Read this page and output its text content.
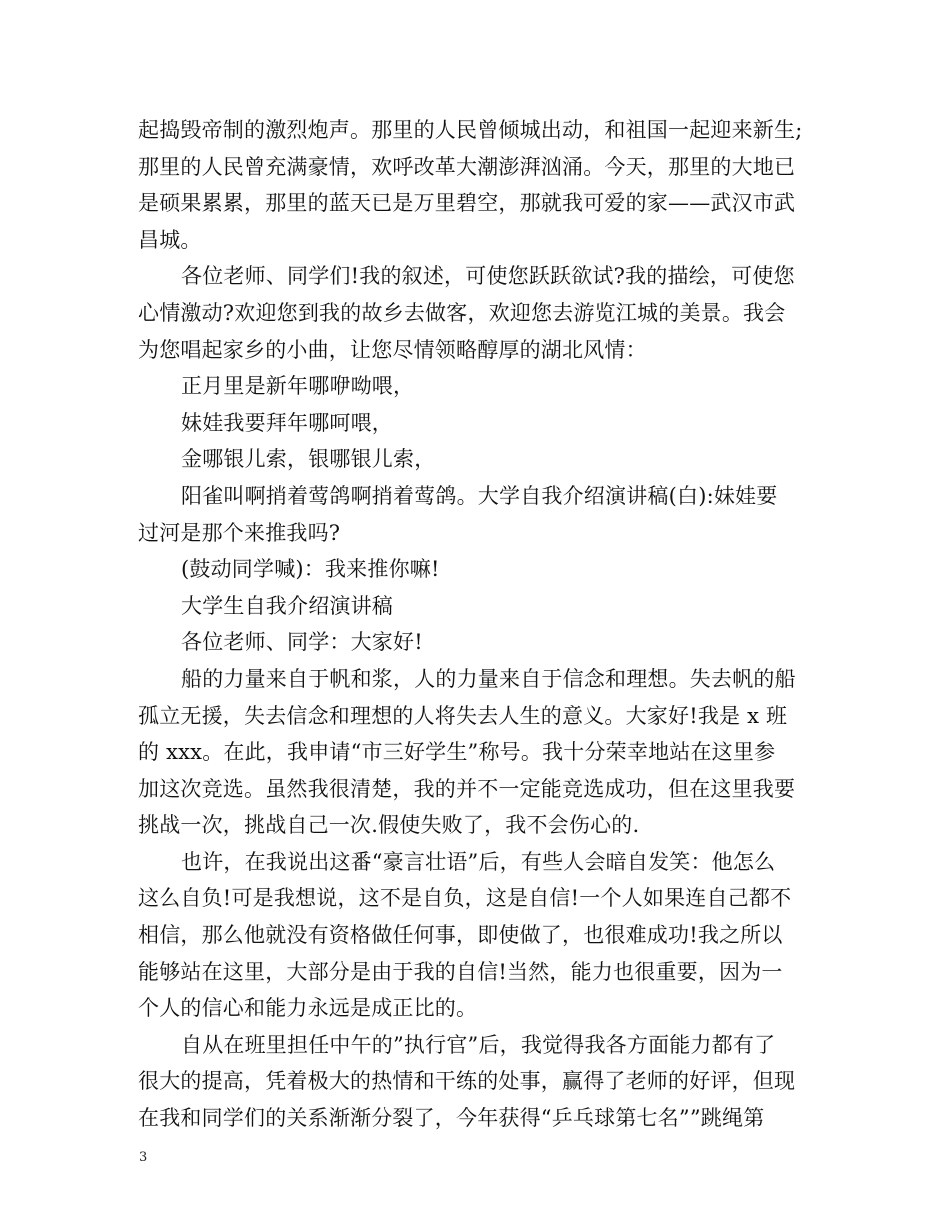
起捣毁帝制的激烈炮声。那里的人民曾倾城出动，和祖国一起迎来新生;
那里的人民曾充满豪情，欢呼改革大潮澎湃汹涌。今天，那里的大地已
是硕果累累，那里的蓝天已是万里碧空，那就我可爱的家——武汉市武
昌城。

各位老师、同学们!我的叙述，可使您跃跃欲试?我的描绘，可使您
心情激动?欢迎您到我的故乡去做客，欢迎您去游览江城的美景。我会
为您唱起家乡的小曲，让您尽情领略醇厚的湖北风情：

正月里是新年哪咿呦喂，

妹娃我要拜年哪呵喂，

金哪银儿索，银哪银儿索，

阳雀叫啊捎着莺鸽啊捎着莺鸽。大学自我介绍演讲稿(白):妹娃要
过河是那个来推我吗?

(鼓动同学喊)：我来推你嘛!

大学生自我介绍演讲稿

各位老师、同学：大家好!

船的力量来自于帆和浆，人的力量来自于信念和理想。失去帆的船
孤立无援，失去信念和理想的人将失去人生的意义。大家好!我是 x 班
的 xxx。在此，我申请“市三好学生”称号。我十分荣幸地站在这里参
加这次竞选。虽然我很清楚，我的并不一定能竞选成功，但在这里我要
挑战一次，挑战自己一次.假使失败了，我不会伤心的.

也许，在我说出这番“豪言壮语”后，有些人会暗自发笑：他怎么
这么自负!可是我想说，这不是自负，这是自信!一个人如果连自己都不
相信，那么他就没有资格做任何事，即使做了，也很难成功!我之所以
能够站在这里，大部分是由于我的自信!当然，能力也很重要，因为一
个人的信心和能力永远是成正比的。

自从在班里担任中午的”执行官”后，我觉得我各方面能力都有了
很大的提高，凭着极大的热情和干练的处事，赢得了老师的好评，但现
在我和同学们的关系渐渐分裂了，今年获得“乒乓球第七名””跳绳第

3
